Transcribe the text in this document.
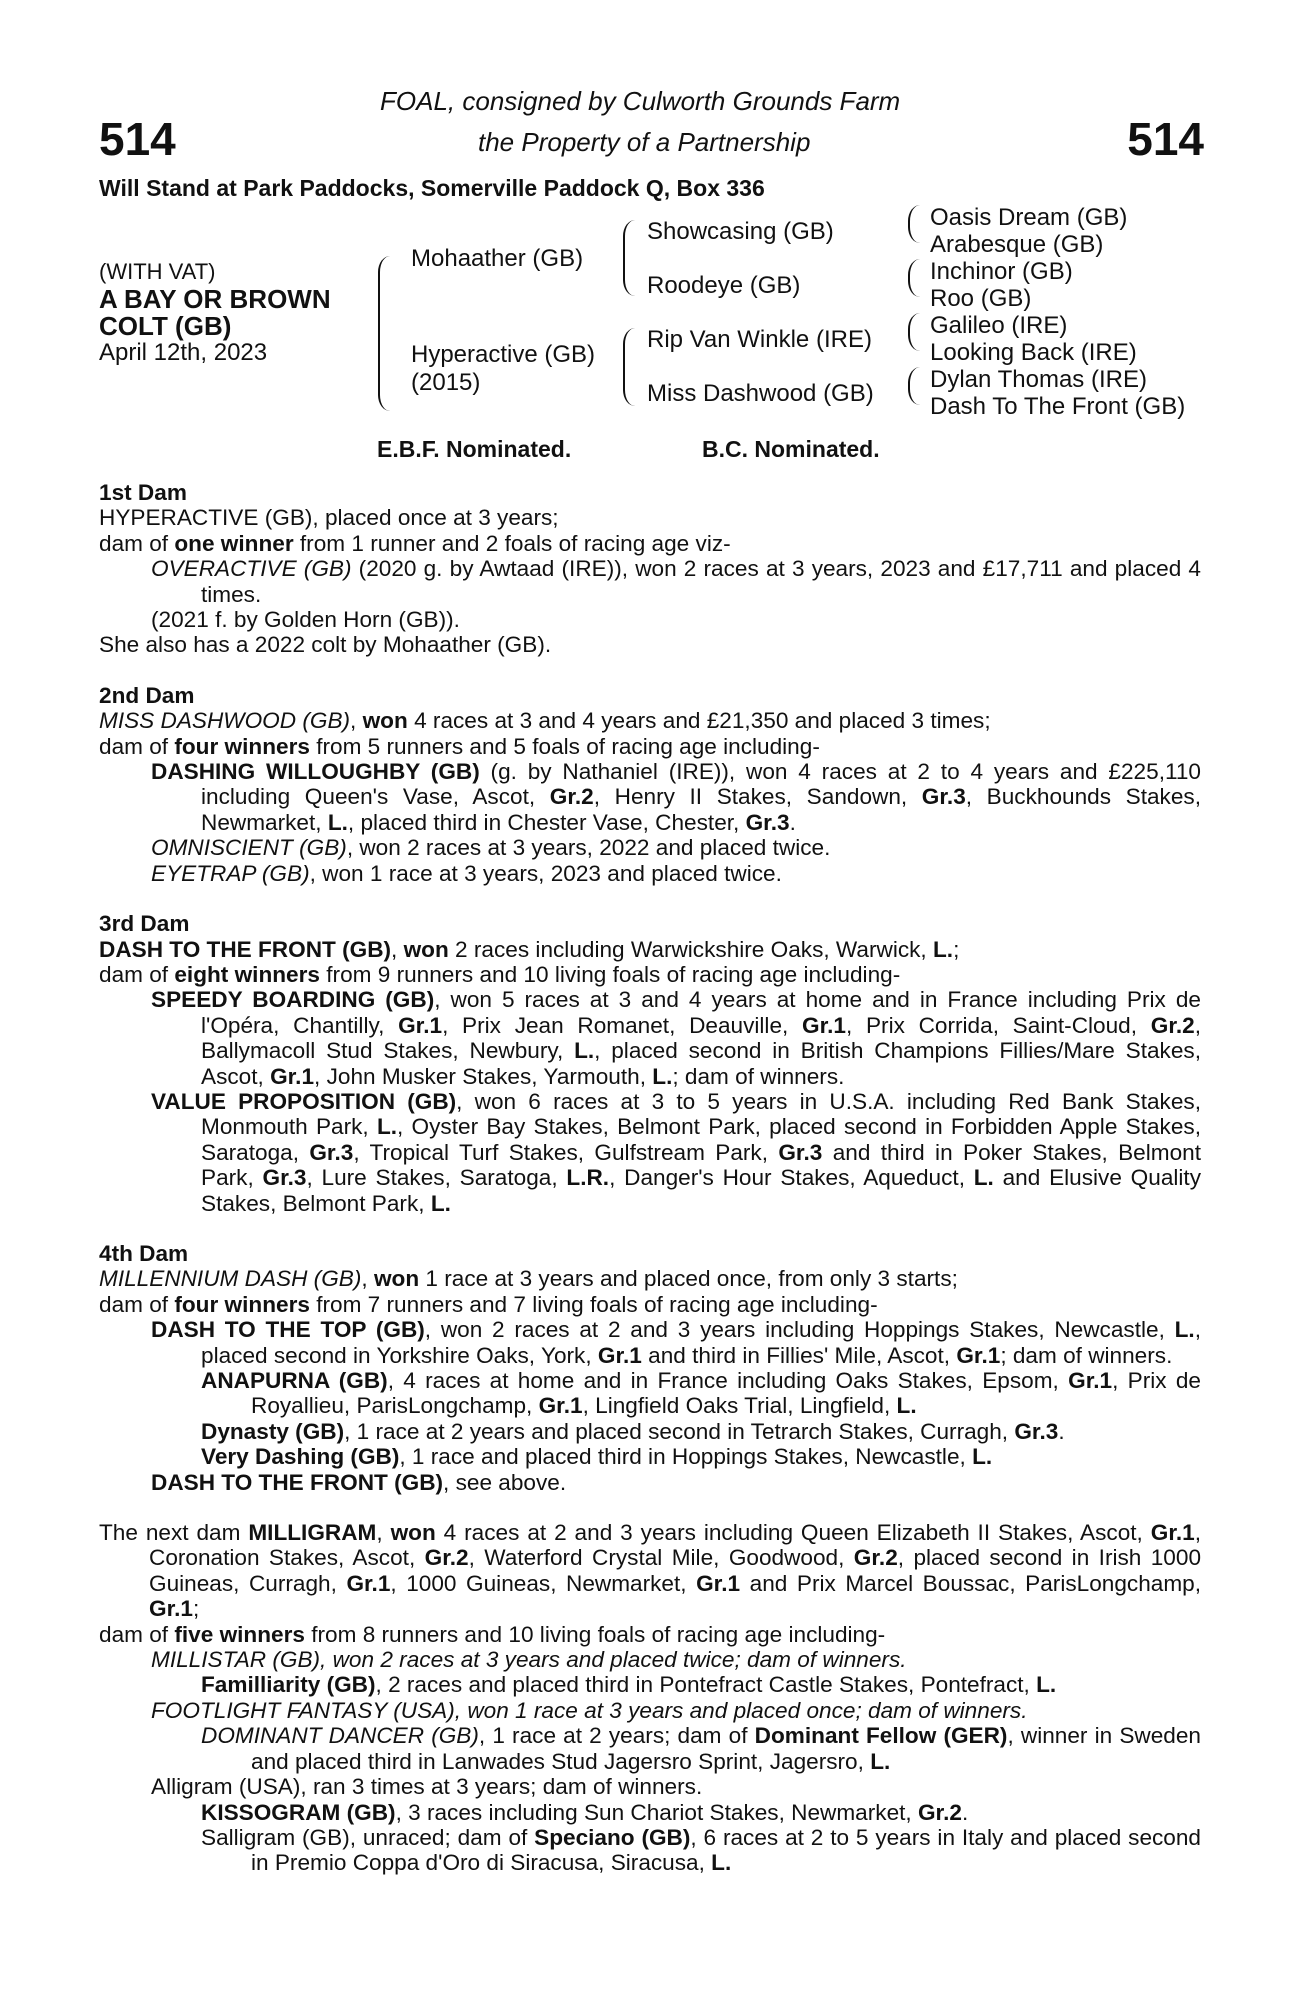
514	514
FOAL, consigned by Culworth Grounds Farm
the Property of a Partnership
Will Stand at Park Paddocks, Somerville Paddock Q, Box 336
(WITH VAT)
A BAY OR BROWN
COLT (GB)
April 12th, 2023
Mohaather (GB)
Hyperactive (GB)
(2015)
Showcasing (GB)
Roodeye (GB)
Rip Van Winkle (IRE)
Miss Dashwood (GB)
Oasis Dream (GB)
Arabesque (GB)
Inchinor (GB)
Roo (GB)
Galileo (IRE)
Looking Back (IRE)
Dylan Thomas (IRE)
Dash To The Front (GB)
E.B.F. Nominated.	B.C. Nominated.
1st Dam
HYPERACTIVE (GB), placed once at 3 years;
dam of one winner from 1 runner and 2 foals of racing age viz-
OVERACTIVE (GB) (2020 g. by Awtaad (IRE)), won 2 races at 3 years, 2023 and £17,711 and placed 4 times.
(2021 f. by Golden Horn (GB)).
She also has a 2022 colt by Mohaather (GB).
2nd Dam
MISS DASHWOOD (GB), won 4 races at 3 and 4 years and £21,350 and placed 3 times;
dam of four winners from 5 runners and 5 foals of racing age including-
DASHING WILLOUGHBY (GB) (g. by Nathaniel (IRE)), won 4 races at 2 to 4 years and £225,110 including Queen's Vase, Ascot, Gr.2, Henry II Stakes, Sandown, Gr.3, Buckhounds Stakes, Newmarket, L., placed third in Chester Vase, Chester, Gr.3.
OMNISCIENT (GB), won 2 races at 3 years, 2022 and placed twice.
EYETRAP (GB), won 1 race at 3 years, 2023 and placed twice.
3rd Dam
DASH TO THE FRONT (GB), won 2 races including Warwickshire Oaks, Warwick, L.;
dam of eight winners from 9 runners and 10 living foals of racing age including-
SPEEDY BOARDING (GB), won 5 races at 3 and 4 years at home and in France including Prix de l'Opéra, Chantilly, Gr.1, Prix Jean Romanet, Deauville, Gr.1, Prix Corrida, Saint-Cloud, Gr.2, Ballymacoll Stud Stakes, Newbury, L., placed second in British Champions Fillies/Mare Stakes, Ascot, Gr.1, John Musker Stakes, Yarmouth, L.; dam of winners.
VALUE PROPOSITION (GB), won 6 races at 3 to 5 years in U.S.A. including Red Bank Stakes, Monmouth Park, L., Oyster Bay Stakes, Belmont Park, placed second in Forbidden Apple Stakes, Saratoga, Gr.3, Tropical Turf Stakes, Gulfstream Park, Gr.3 and third in Poker Stakes, Belmont Park, Gr.3, Lure Stakes, Saratoga, L.R., Danger's Hour Stakes, Aqueduct, L. and Elusive Quality Stakes, Belmont Park, L.
4th Dam
MILLENNIUM DASH (GB), won 1 race at 3 years and placed once, from only 3 starts;
dam of four winners from 7 runners and 7 living foals of racing age including-
DASH TO THE TOP (GB), won 2 races at 2 and 3 years including Hoppings Stakes, Newcastle, L., placed second in Yorkshire Oaks, York, Gr.1 and third in Fillies' Mile, Ascot, Gr.1; dam of winners.
ANAPURNA (GB), 4 races at home and in France including Oaks Stakes, Epsom, Gr.1, Prix de Royallieu, ParisLongchamp, Gr.1, Lingfield Oaks Trial, Lingfield, L.
Dynasty (GB), 1 race at 2 years and placed second in Tetrarch Stakes, Curragh, Gr.3.
Very Dashing (GB), 1 race and placed third in Hoppings Stakes, Newcastle, L.
DASH TO THE FRONT (GB), see above.
The next dam MILLIGRAM, won 4 races at 2 and 3 years including Queen Elizabeth II Stakes, Ascot, Gr.1, Coronation Stakes, Ascot, Gr.2, Waterford Crystal Mile, Goodwood, Gr.2, placed second in Irish 1000 Guineas, Curragh, Gr.1, 1000 Guineas, Newmarket, Gr.1 and Prix Marcel Boussac, ParisLongchamp, Gr.1;
dam of five winners from 8 runners and 10 living foals of racing age including-
MILLISTAR (GB), won 2 races at 3 years and placed twice; dam of winners.
Familliarity (GB), 2 races and placed third in Pontefract Castle Stakes, Pontefract, L.
FOOTLIGHT FANTASY (USA), won 1 race at 3 years and placed once; dam of winners.
DOMINANT DANCER (GB), 1 race at 2 years; dam of Dominant Fellow (GER), winner in Sweden and placed third in Lanwades Stud Jagersro Sprint, Jagersro, L.
Alligram (USA), ran 3 times at 3 years; dam of winners.
KISSOGRAM (GB), 3 races including Sun Chariot Stakes, Newmarket, Gr.2.
Salligram (GB), unraced; dam of Speciano (GB), 6 races at 2 to 5 years in Italy and placed second in Premio Coppa d'Oro di Siracusa, Siracusa, L.
